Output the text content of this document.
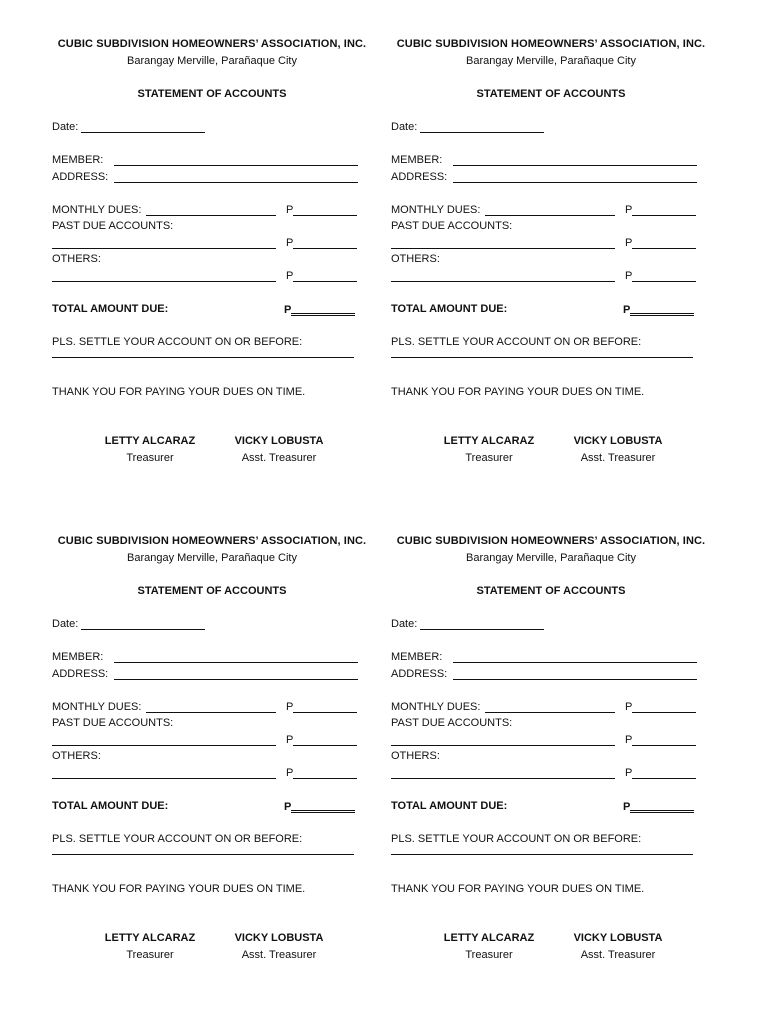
CUBIC SUBDIVISION HOMEOWNERS’ ASSOCIATION, INC.
Barangay Merville, Parañaque City
STATEMENT OF ACCOUNTS
Date:
MEMBER:
ADDRESS:
MONTHLY DUES:	P
PAST DUE ACCOUNTS:
P
OTHERS:
P
TOTAL AMOUNT DUE:	P
PLS. SETTLE YOUR ACCOUNT ON OR BEFORE:
THANK YOU FOR PAYING YOUR DUES ON TIME.
LETTY ALCARAZ
Treasurer
VICKY LOBUSTA
Asst. Treasurer
CUBIC SUBDIVISION HOMEOWNERS’ ASSOCIATION, INC.
Barangay Merville, Parañaque City
STATEMENT OF ACCOUNTS
Date:
MEMBER:
ADDRESS:
MONTHLY DUES:	P
PAST DUE ACCOUNTS:
P
OTHERS:
P
TOTAL AMOUNT DUE:	P
PLS. SETTLE YOUR ACCOUNT ON OR BEFORE:
THANK YOU FOR PAYING YOUR DUES ON TIME.
LETTY ALCARAZ
Treasurer
VICKY LOBUSTA
Asst. Treasurer
CUBIC SUBDIVISION HOMEOWNERS’ ASSOCIATION, INC.
Barangay Merville, Parañaque City
STATEMENT OF ACCOUNTS
Date:
MEMBER:
ADDRESS:
MONTHLY DUES:	P
PAST DUE ACCOUNTS:
P
OTHERS:
P
TOTAL AMOUNT DUE:	P
PLS. SETTLE YOUR ACCOUNT ON OR BEFORE:
THANK YOU FOR PAYING YOUR DUES ON TIME.
LETTY ALCARAZ
Treasurer
VICKY LOBUSTA
Asst. Treasurer
CUBIC SUBDIVISION HOMEOWNERS’ ASSOCIATION, INC.
Barangay Merville, Parañaque City
STATEMENT OF ACCOUNTS
Date:
MEMBER:
ADDRESS:
MONTHLY DUES:	P
PAST DUE ACCOUNTS:
P
OTHERS:
P
TOTAL AMOUNT DUE:	P
PLS. SETTLE YOUR ACCOUNT ON OR BEFORE:
THANK YOU FOR PAYING YOUR DUES ON TIME.
LETTY ALCARAZ
Treasurer
VICKY LOBUSTA
Asst. Treasurer
